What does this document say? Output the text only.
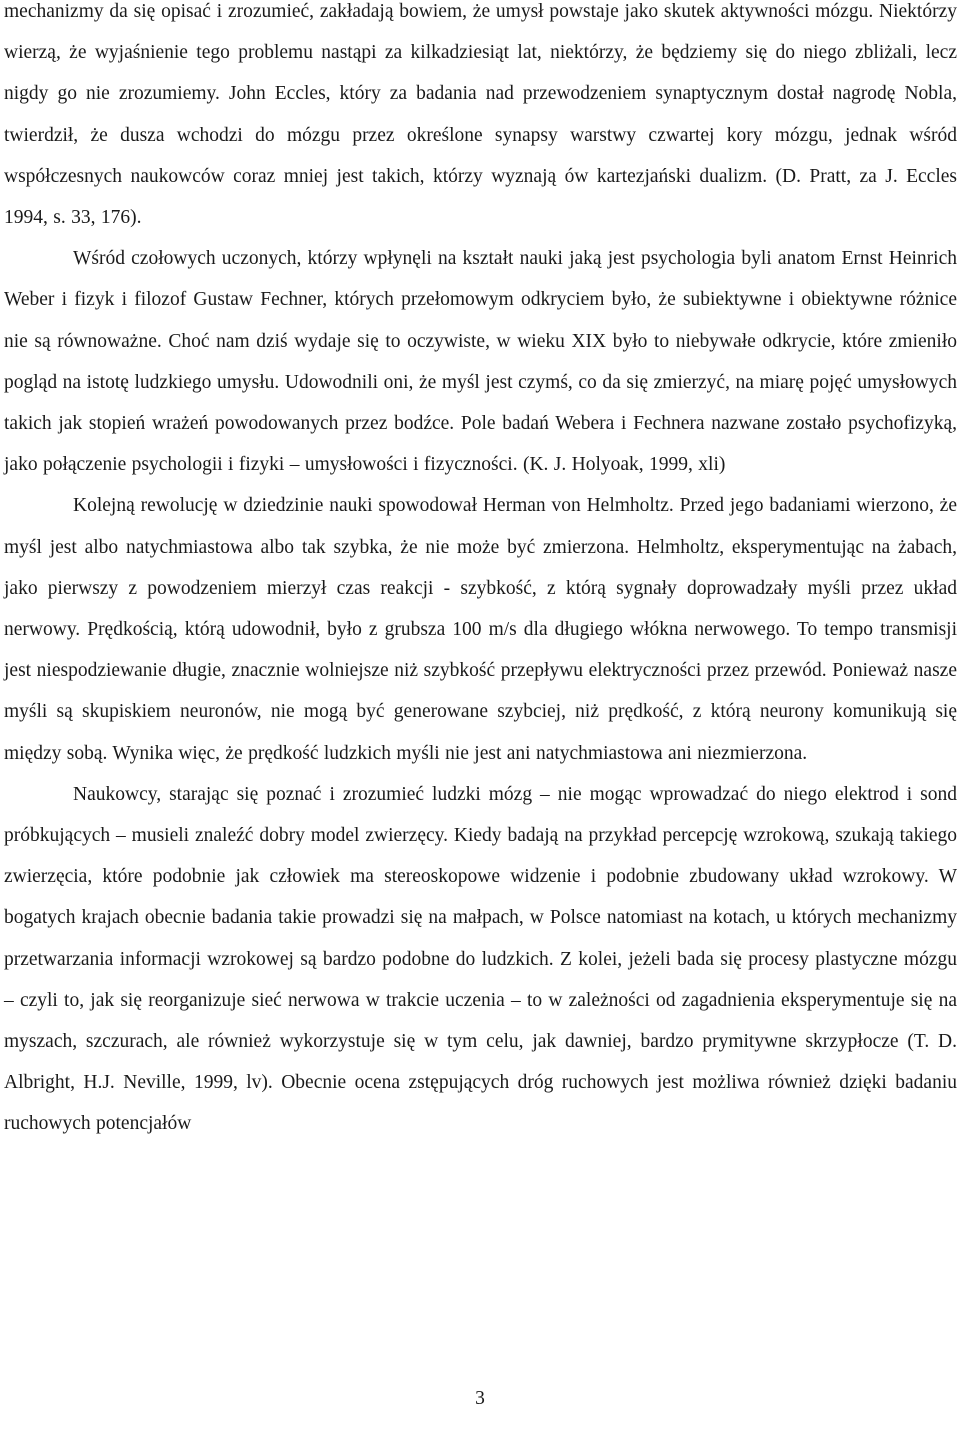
mechanizmy da się opisać i zrozumieć, zakładają bowiem, że umysł powstaje jako skutek aktywności mózgu. Niektórzy wierzą, że wyjaśnienie tego problemu nastąpi za kilkadziesiąt lat, niektórzy, że będziemy się do niego zbliżali, lecz nigdy go nie zrozumiemy. John Eccles, który za badania nad przewodzeniem synaptycznym dostał nagrodę Nobla, twierdził, że dusza wchodzi do mózgu przez określone synapsy warstwy czwartej kory mózgu, jednak wśród współczesnych naukowców coraz mniej jest takich, którzy wyznają ów kartezjański dualizm. (D. Pratt, za J. Eccles 1994, s. 33, 176).

Wśród czołowych uczonych, którzy wpłynęli na kształt nauki jaką jest psychologia byli anatom Ernst Heinrich Weber i fizyk i filozof Gustaw Fechner, których przełomowym odkryciem było, że subiektywne i obiektywne różnice nie są równoważne. Choć nam dziś wydaje się to oczywiste, w wieku XIX było to niebywałe odkrycie, które zmieniło pogląd na istotę ludzkiego umysłu. Udowodnili oni, że myśl jest czymś, co da się zmierzyć, na miarę pojęć umysłowych takich jak stopień wrażeń powodowanych przez bodźce. Pole badań Webera i Fechnera nazwane zostało psychofizyką, jako połączenie psychologii i fizyki – umysłowości i fizyczności. (K. J. Holyoak, 1999, xli)

Kolejną rewolucję w dziedzinie nauki spowodował Herman von Helmholtz. Przed jego badaniami wierzono, że myśl jest albo natychmiastowa albo tak szybka, że nie może być zmierzona. Helmholtz, eksperymentując na żabach, jako pierwszy z powodzeniem mierzył czas reakcji - szybkość, z którą sygnały doprowadzały myśli przez układ nerwowy. Prędkością, którą udowodnił, było z grubsza 100 m/s dla długiego włókna nerwowego. To tempo transmisji jest niespodziewanie długie, znacznie wolniejsze niż szybkość przepływu elektryczności przez przewód. Ponieważ nasze myśli są skupiskiem neuronów, nie mogą być generowane szybciej, niż prędkość, z którą neurony komunikują się między sobą. Wynika więc, że prędkość ludzkich myśli nie jest ani natychmiastowa ani niezmierzona.

Naukowcy, starając się poznać i zrozumieć ludzki mózg – nie mogąc wprowadzać do niego elektrod i sond próbkujących – musieli znaleźć dobry model zwierzęcy. Kiedy badają na przykład percepcję wzrokową, szukają takiego zwierzęcia, które podobnie jak człowiek ma stereoskopowe widzenie i podobnie zbudowany układ wzrokowy. W bogatych krajach obecnie badania takie prowadzi się na małpach, w Polsce natomiast na kotach, u których mechanizmy przetwarzania informacji wzrokowej są bardzo podobne do ludzkich. Z kolei, jeżeli bada się procesy plastyczne mózgu – czyli to, jak się reorganizuje sieć nerwowa w trakcie uczenia – to w zależności od zagadnienia eksperymentuje się na myszach, szczurach, ale również wykorzystuje się w tym celu, jak dawniej, bardzo prymitywne skrzypłocze (T. D. Albright, H.J. Neville, 1999, lv). Obecnie ocena zstępujących dróg ruchowych jest możliwa również dzięki badaniu ruchowych potencjałów

3
